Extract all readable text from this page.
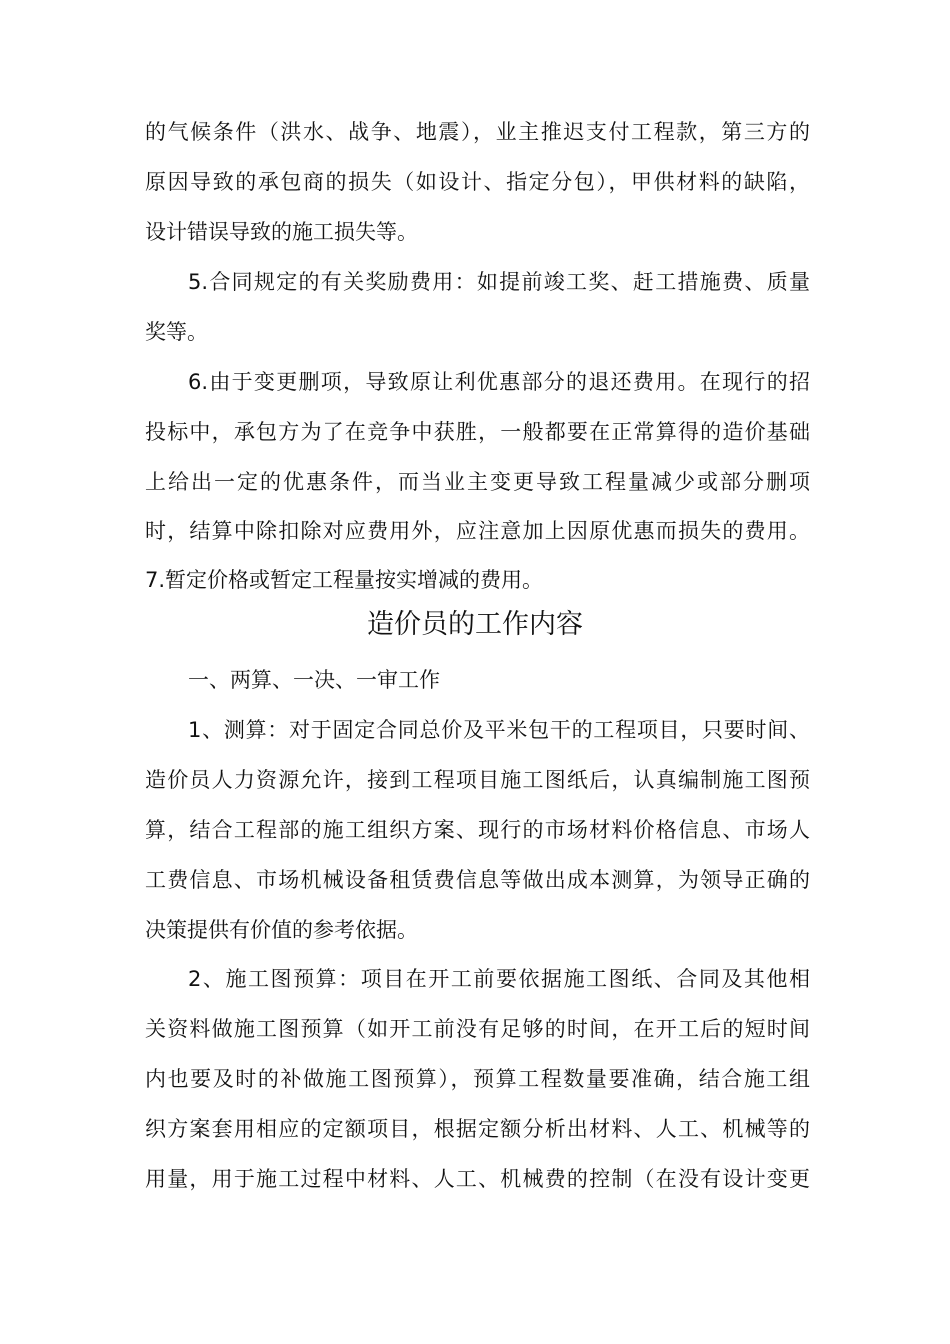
的气候条件（洪水、战争、地震），业主推迟支付工程款，第三方的
原因导致的承包商的损失（如设计、指定分包），甲供材料的缺陷，
设计错误导致的施工损失等。
5.合同规定的有关奖励费用：如提前竣工奖、赶工措施费、质量
奖等。
6.由于变更删项，导致原让利优惠部分的退还费用。在现行的招
投标中，承包方为了在竞争中获胜，一般都要在正常算得的造价基础
上给出一定的优惠条件，而当业主变更导致工程量减少或部分删项
时，结算中除扣除对应费用外，应注意加上因原优惠而损失的费用。
7.暂定价格或暂定工程量按实增减的费用。
造价员的工作内容
一、两算、一决、一审工作
1、测算：对于固定合同总价及平米包干的工程项目，只要时间、
造价员人力资源允许，接到工程项目施工图纸后，认真编制施工图预
算，结合工程部的施工组织方案、现行的市场材料价格信息、市场人
工费信息、市场机械设备租赁费信息等做出成本测算，为领导正确的
决策提供有价值的参考依据。
2、施工图预算：项目在开工前要依据施工图纸、合同及其他相
关资料做施工图预算（如开工前没有足够的时间，在开工后的短时间
内也要及时的补做施工图预算），预算工程数量要准确，结合施工组
织方案套用相应的定额项目，根据定额分析出材料、人工、机械等的
用量，用于施工过程中材料、人工、机械费的控制（在没有设计变更
